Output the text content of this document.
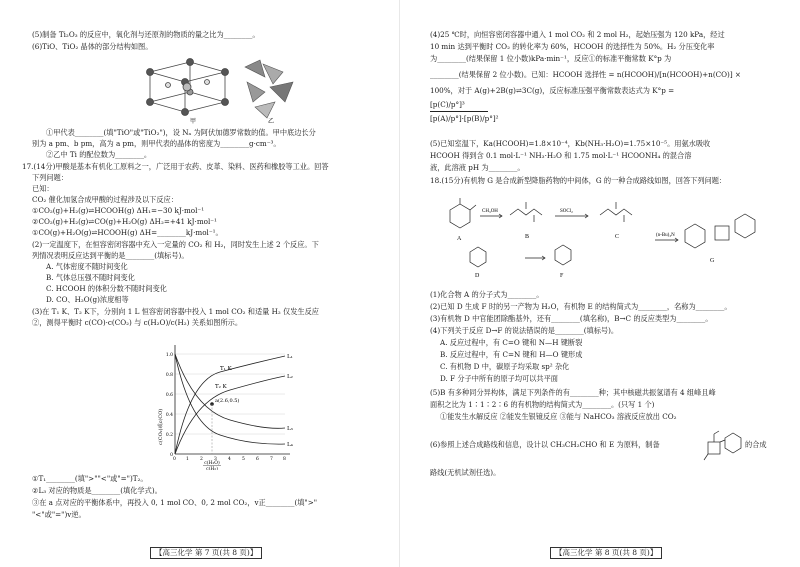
(5)制备 Ti₂O₃ 的反应中，氧化剂与还原剂的物质的量之比为________。
(6)TiO、TiO₂ 晶体的部分结构如图。
甲	乙
①甲代表________(填"TiO"或"TiO₂")，设 Nₐ 为阿伏加德罗常数的值。甲中底边长分
别为 a pm、b pm，高为 a pm，则甲代表的晶体的密度为________g·cm⁻³。
②乙中 Ti 的配位数为________。
17.(14分)甲酸是基本有机化工原料之一，广泛用于农药、皮革、染料、医药和橡胶等工业。回答
下列问题：
已知：
CO₂ 催化加氢合成甲酸的过程涉及以下反应：
①CO₂(g)+H₂(g)⇌HCOOH(g) ΔH₁=−30 kJ·mol⁻¹
②CO₂(g)+H₂(g)⇌CO(g)+H₂O(g) ΔH₂=+41 kJ·mol⁻¹
①CO(g)+H₂O(g)⇌HCOOH(g) ΔH=________kJ·mol⁻¹。
(2)一定温度下，在恒容密闭容器中充入一定量的 CO₂ 和 H₂，同时发生上述 2 个反应。下
列情况表明反应达到平衡的是________(填标号)。
A. 气体密度不随时间变化
B. 气体总压强不随时间变化
C. HCOOH 的体积分数不随时间变化
D. CO、H₂O(g)浓度相等
(3)在 T₁ K、T₂ K下，分别向 1 L 恒容密闭容器中投入 1 mol CO₂ 和适量 H₂ 仅发生反应
②，测得平衡时 c(CO)·c(CO₂) 与 c(H₂O)/c(H₂) 关系如图所示。
L₁
L₂
L₃
L₄
T₁ K
T₂ K
a(2.6,0.5)
c(CO₂)或c(CO)
0 1 2 3 4 5 6 7 8
0
0.2
0.4
0.6
0.8
1.0
c(H₂O)
c(H₂)
①T₁________(填">""<"或"=")T₂。
②L₃ 对应的物质是________(填化学式)。
③在 a 点对应的平衡体系中，再投入 0, 1 mol CO、0, 2 mol CO₂，v正________(填">"
"<"或"=")v逆。
【高三化学 第 7 页(共 8 页)】
(4)25 ℃时，向恒容密闭容器中通入 1 mol CO₂ 和 2 mol H₂，起始压强为 120 kPa，经过
10 min 达到平衡时 CO₂ 的转化率为 60%，HCOOH 的选择性为 50%。H₂ 分压变化率
为________(结果保留 1 位小数)kPa·min⁻¹，反应①的标准平衡常数 K°p 为
________(结果保留 2 位小数)。已知：HCOOH 选择性 = n(HCOOH)/[n(HCOOH)+n(CO)] ×
100%，对于 A(g)+2B(g)⇌3C(g)，反应标准压强平衡常数表达式为 K°p =
[p(C)/p°]³
[p(A)/p°]·[p(B)/p°]²
(5)已知室温下，Ka(HCOOH)=1.8×10⁻⁴，Kb(NH₃·H₂O)=1.75×10⁻⁵。用氨水吸收
HCOOH 得到含 0.1 mol·L⁻¹ NH₃·H₂O 和 1.75 mol·L⁻¹ HCOONH₄ 的混合溶
液，此溶液 pH 为________。
18.(15分)有机物 G 是合成新型降脂药物的中间体，G 的一种合成路线如图，回答下列问题：
A	B	C
D	F
G
CH₃OH	SOCl₂
(n-Bu)₃N
(1)化合物 A 的分子式为________。
(2)已知 D 生成 F 时的另一产物为 H₂O，有机物 E 的结构简式为________，名称为________。
(3)有机物 D 中官能团除酯基外，还有________(填名称)，B→C 的反应类型为________。
(4)下列关于反应 D→F 的说法错误的是________(填标号)。
A. 反应过程中，有 C=O 键和 N—H 键断裂
B. 反应过程中，有 C=N 键和 H—O 键形成
C. 有机物 D 中，碳原子均采取 sp² 杂化
D. F 分子中所有的原子均可以共平面
(5)B 有多种同分异构体，满足下列条件的有________种；其中核磁共振氢谱有 4 组峰且峰
面积之比为 1∶1∶2∶6 的有机物的结构简式为________。(只写 1 个)
①能发生水解反应 ②能发生银镜反应 ③能与 NaHCO₃ 溶液反应放出 CO₂
(6)参照上述合成路线和信息，设计以 CH₃CH₂CHO 和 E 为原料，制备	的合成
路线(无机试剂任选)。
【高三化学 第 8 页(共 8 页)】
